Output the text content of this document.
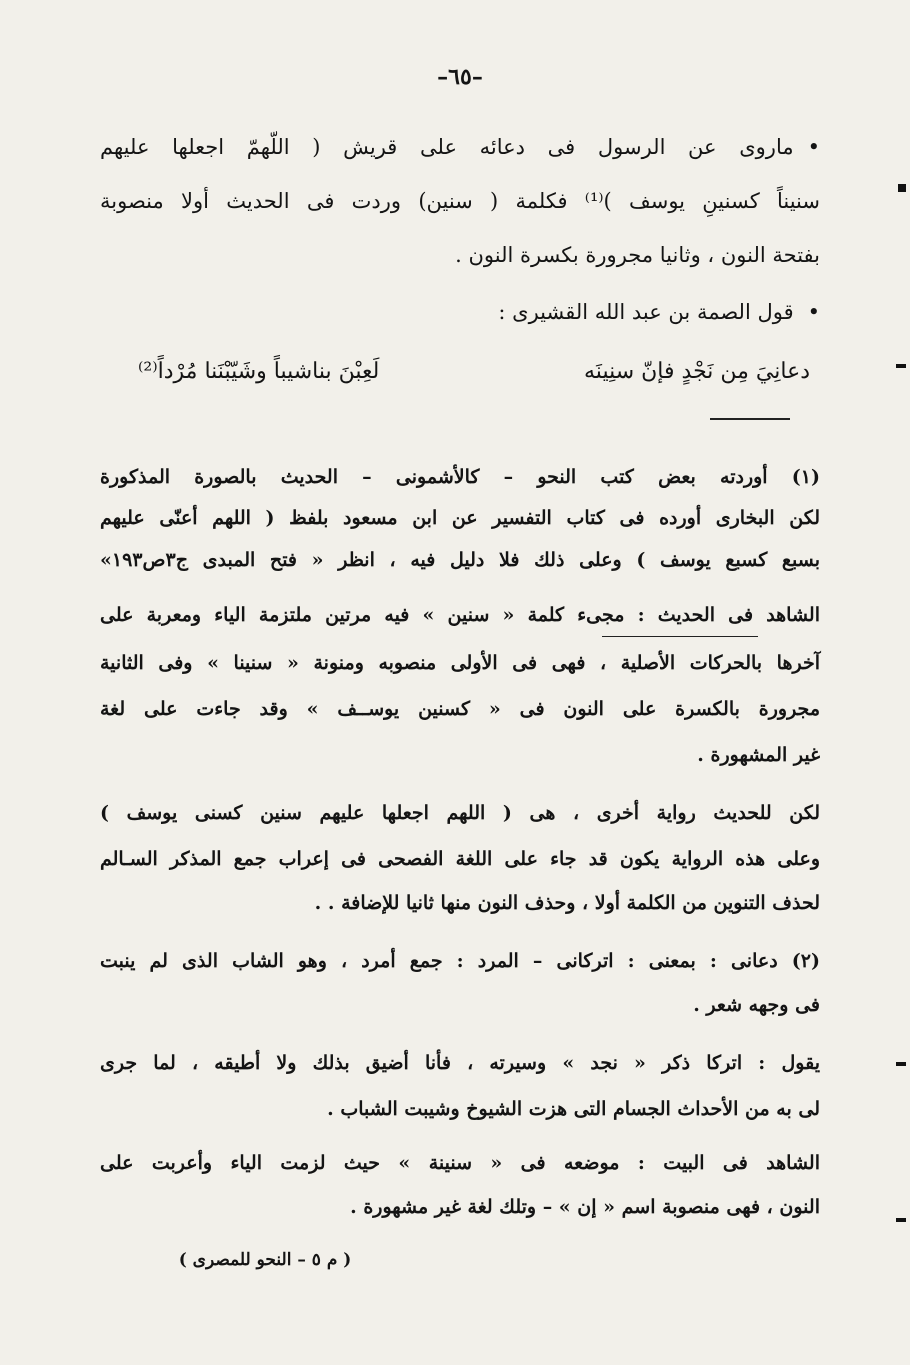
–٦٥–
• ماروى عن الرسول فى دعائه على قريش ( اللّهمّ اجعلها عليهم
سنيناً كسنينِ يوسف )⁽¹⁾ فكلمة ( سنين) وردت فى الحديث أولا منصوبة
بفتحة النون ، وثانيا مجرورة بكسرة النون .
• قول الصمة بن عبد الله القشيرى :
دعانِيَ مِن نَجْدٍ فإنّ سنِينَه
لَعِبْنَ بناشيباً وشَيّبْنَنا مُرْداً⁽²⁾
(١) أوردته بعض كتب النحو – كالأشمونى – الحديث بالصورة المذكورة
لكن البخارى أورده فى كتاب التفسير عن ابن مسعود بلفظ ( اللهم أعنّى عليهم
بسبع كسبع يوسف ) وعلى ذلك فلا دليل فيه ، انظر « فتح المبدى ج٣ص١٩٣»
الشاهد فى الحديث : مجىء كلمة « سنين » فيه مرتين ملتزمة الياء ومعربة على
آخرها بالحركات الأصلية ، فهى فى الأولى منصوبه ومنونة « سنينا » وفى الثانية
مجرورة بالكسرة على النون فى « كسنين يوســف » وقد جاءت على لغة
غير المشهورة .
لكن للحديث رواية أخرى ، هى ( اللهم اجعلها عليهم سنين كسنى يوسف )
وعلى هذه الرواية يكون قد جاء على اللغة الفصحى فى إعراب جمع المذكر السـالم
لحذف التنوين من الكلمة أولا ، وحذف النون منها ثانيا للإضافة . .
(٢) دعانى : بمعنى : اتركانى – المرد : جمع أمرد ، وهو الشاب الذى لم ينبت
فى وجهه شعر .
يقول : اتركا ذكر « نجد » وسيرته ، فأنا أضيق بذلك ولا أطيقه ، لما جرى
لى به من الأحداث الجسام التى هزت الشيوخ وشيبت الشباب .
الشاهد فى البيت : موضعه فى « سنينة » حيث لزمت الياء وأعربت على
النون ، فهى منصوبة اسم « إن » – وتلك لغة غير مشهورة .
( م ٥ – النحو للمصرى )
